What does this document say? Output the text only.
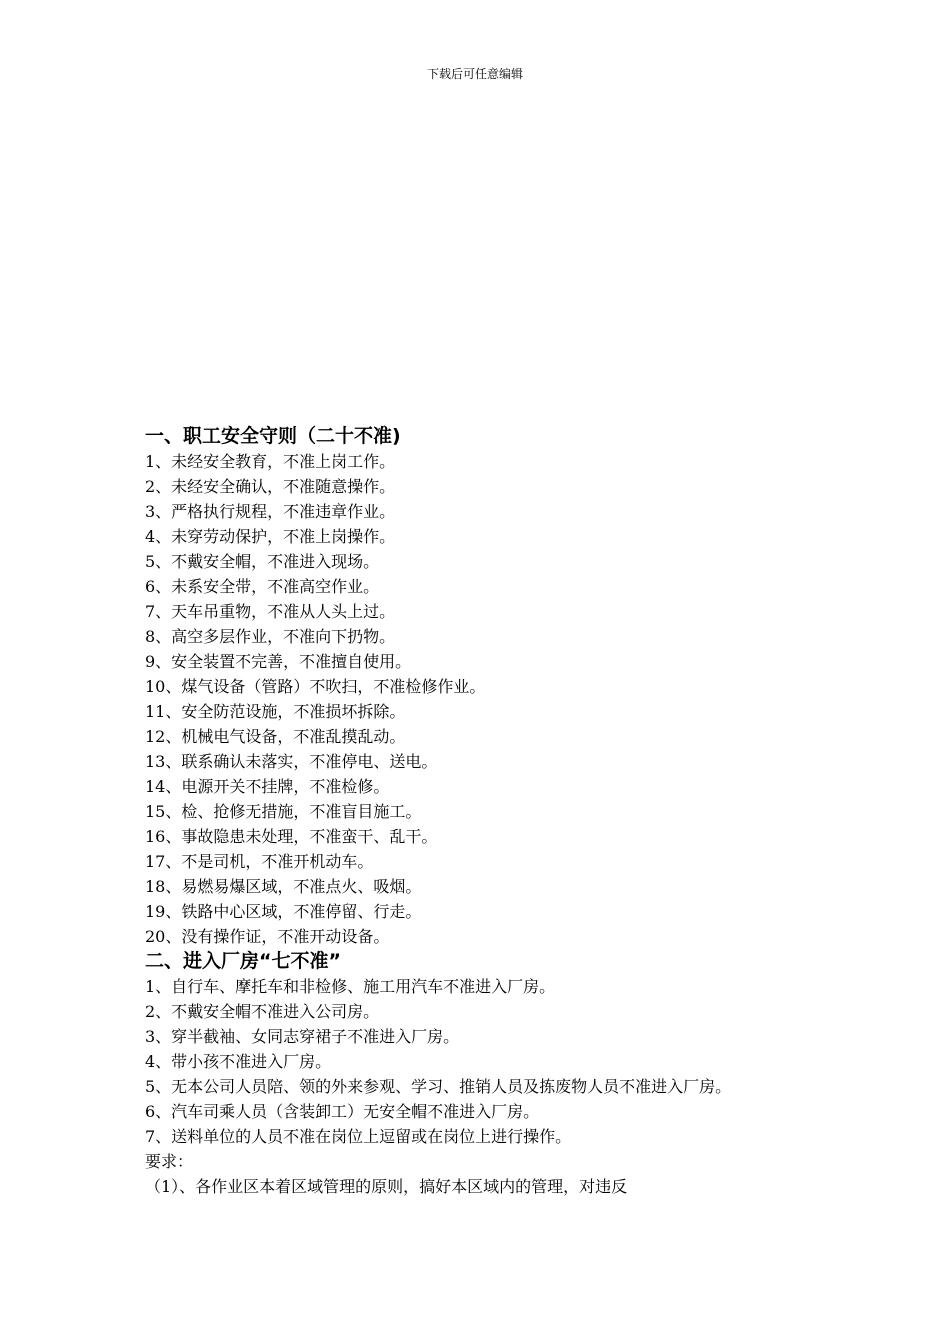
下载后可任意编辑
一、职工安全守则（二十不准)

1、未经安全教育，不准上岗工作。

2、未经安全确认，不准随意操作。

3、严格执行规程，不准违章作业。

4、未穿劳动保护，不准上岗操作。

5、不戴安全帽，不准进入现场。

6、未系安全带，不准高空作业。

7、天车吊重物，不准从人头上过。

8、高空多层作业，不准向下扔物。

9、安全装置不完善，不准擅自使用。

10、煤气设备（管路）不吹扫，不准检修作业。

11、安全防范设施，不准损坏拆除。

12、机械电气设备，不准乱摸乱动。

13、联系确认未落实，不准停电、送电。

14、电源开关不挂牌，不准检修。

15、检、抢修无措施，不准盲目施工。

16、事故隐患未处理，不准蛮干、乱干。

17、不是司机，不准开机动车。

18、易燃易爆区域，不准点火、吸烟。

19、铁路中心区域，不准停留、行走。

20、没有操作证，不准开动设备。

二、进入厂房“七不准”

1、自行车、摩托车和非检修、施工用汽车不准进入厂房。

2、不戴安全帽不准进入公司房。

3、穿半截袖、女同志穿裙子不准进入厂房。

4、带小孩不准进入厂房。

5、无本公司人员陪、领的外来参观、学习、推销人员及拣废物人员不准进入厂房。

6、汽车司乘人员（含装卸工）无安全帽不准进入厂房。

7、送料单位的人员不准在岗位上逗留或在岗位上进行操作。

要求：

（1）、各作业区本着区域管理的原则，搞好本区域内的管理，对违反
